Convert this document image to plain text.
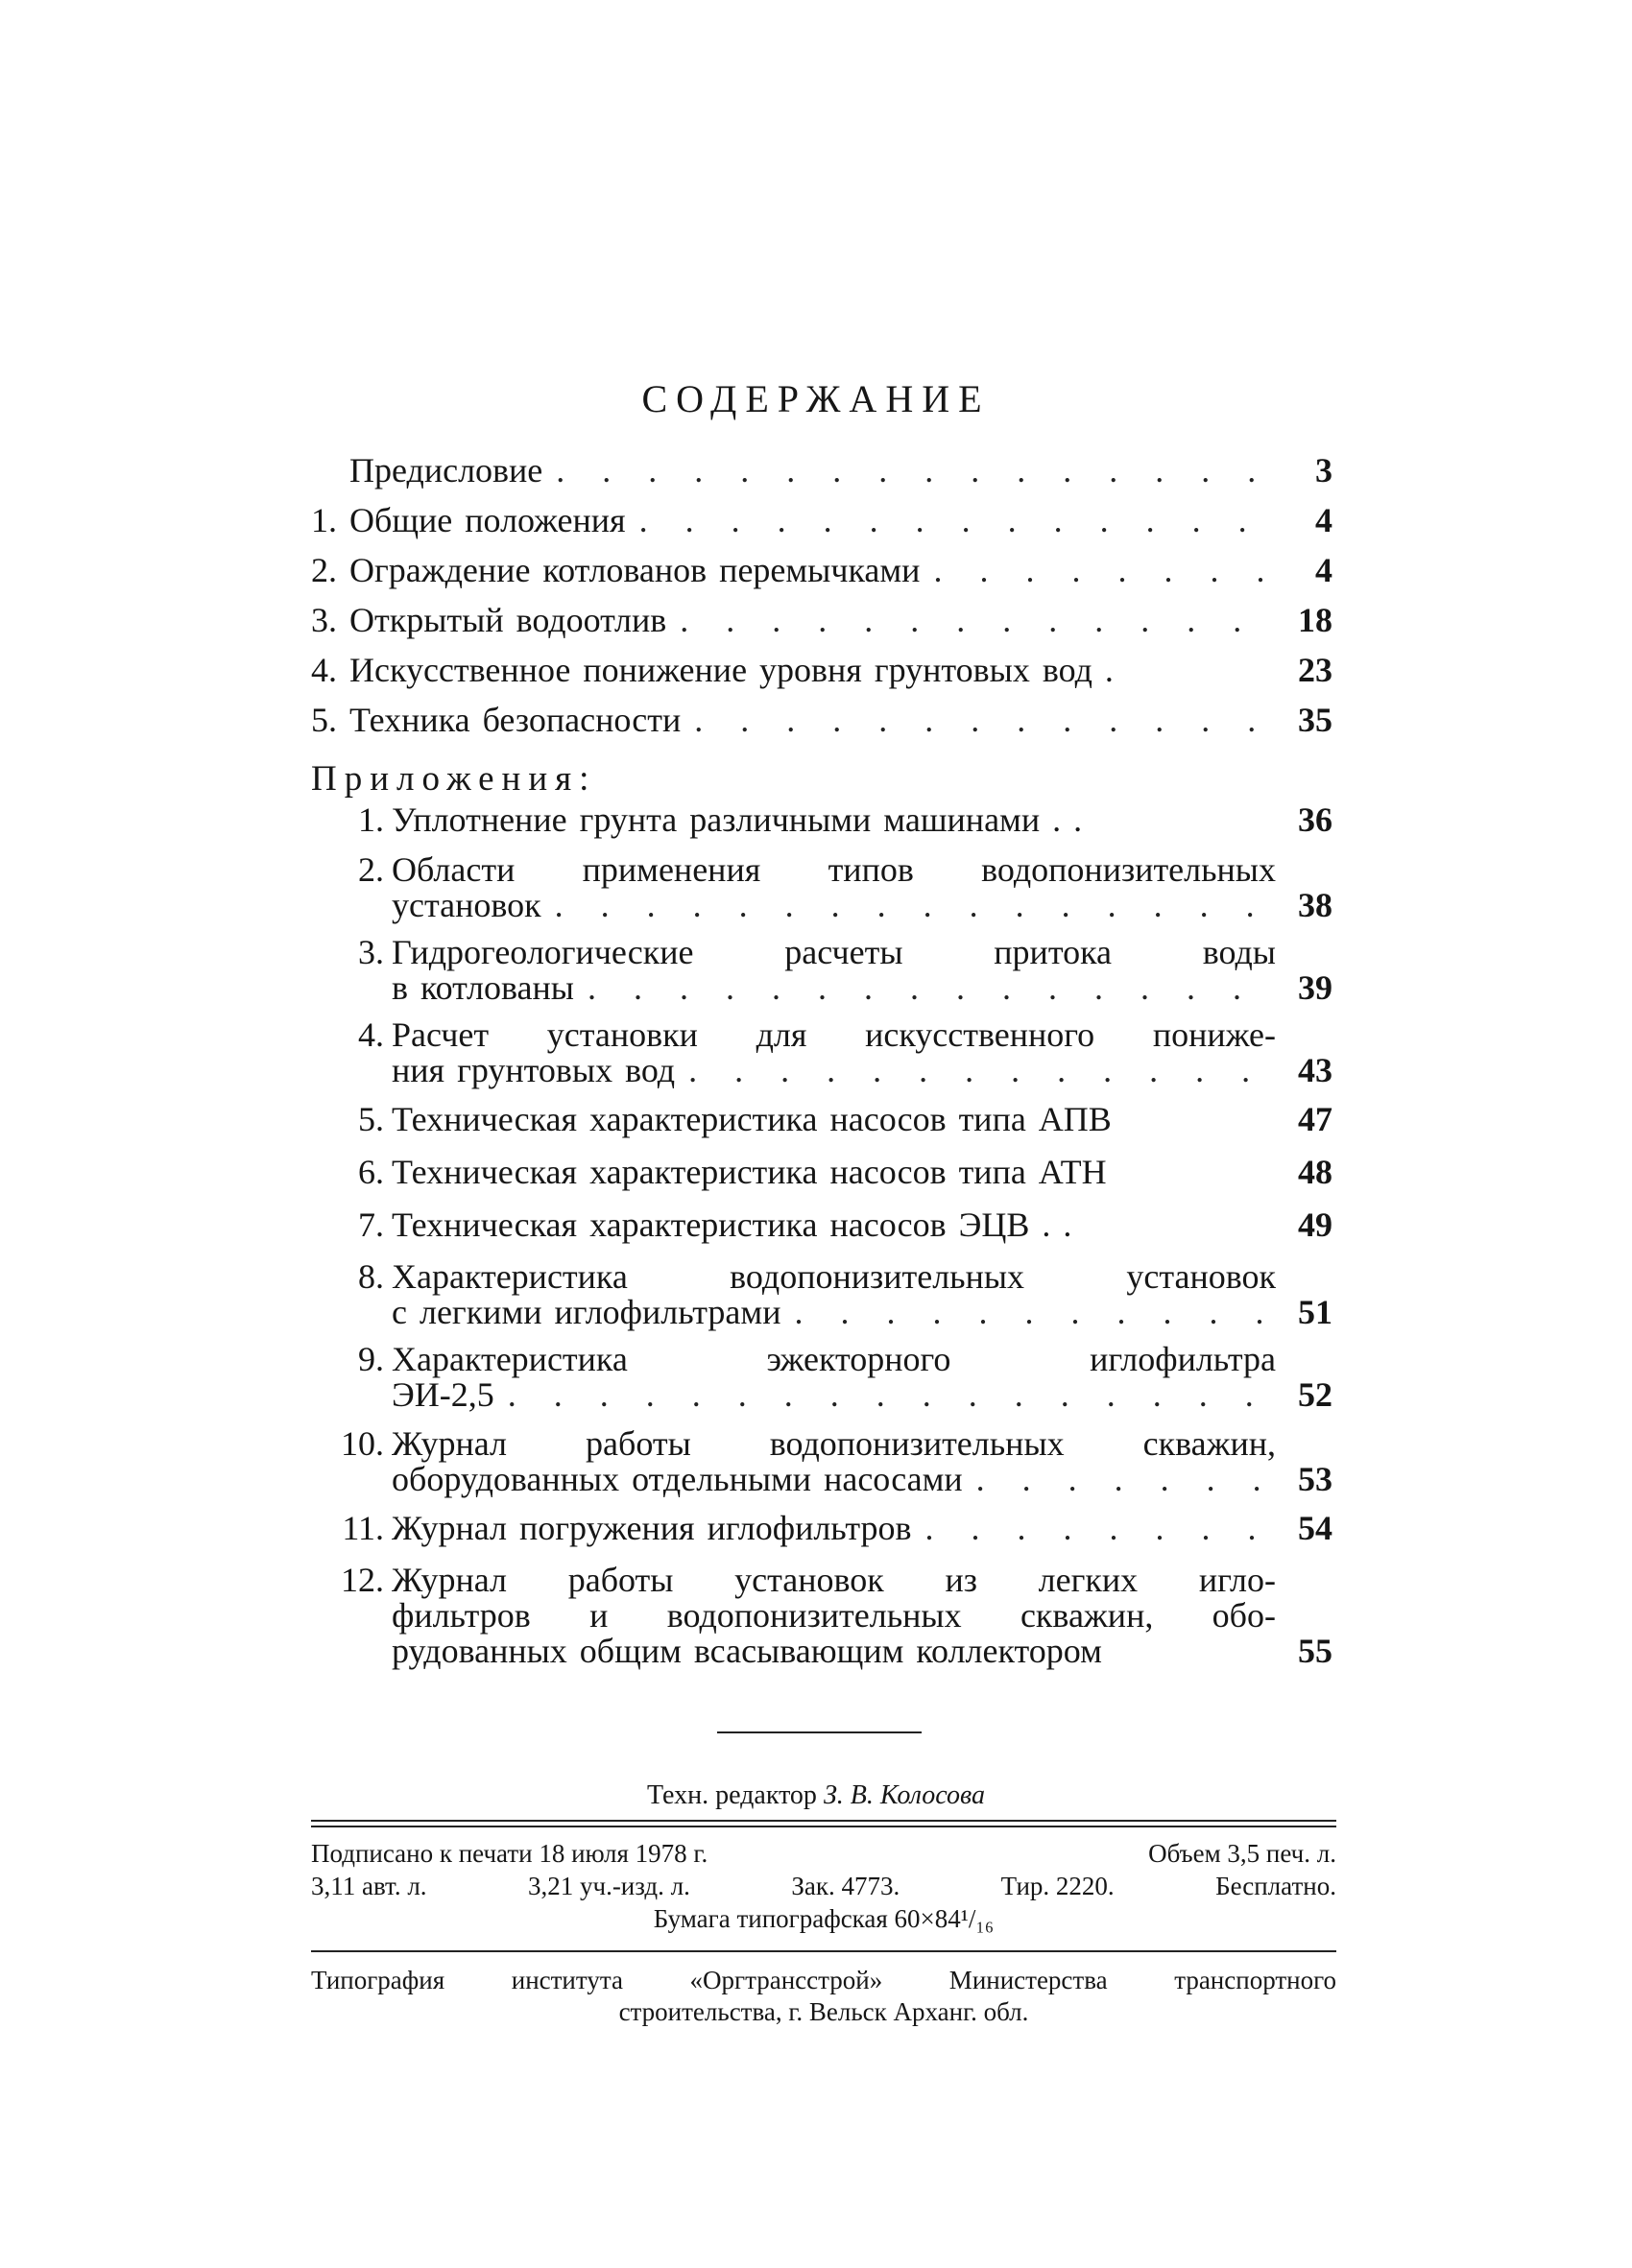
СОДЕРЖАНИЕ
Предисловие . . .	3
1. Общие положения . . .	4
2. Ограждение котлованов перемычками . . .	4
3. Открытый водоотлив . . .	18
4. Искусственное понижение уровня грунтовых вод .	23
5. Техника безопасности . . .	35
Приложения:
1. Уплотнение грунта различными машинами . .	36
2. Области применения типов водопонизительных
установок . . .	38
3. Гидрогеологические расчеты притока воды
в котлованы . . .	39
4. Расчет установки для искусственного пониже-
ния грунтовых вод . . .	43
5. Техническая характеристика насосов типа АПВ	47
6. Техническая характеристика насосов типа АТН	48
7. Техническая характеристика насосов ЭЦВ . .	49
8. Характеристика водопонизительных установок
с легкими иглофильтрами . . .	51
9. Характеристика эжекторного иглофильтра
ЭИ-2,5 . . .	52
10. Журнал работы водопонизительных скважин,
оборудованных отдельными насосами . . .	53
11. Журнал погружения иглофильтров . . .	54
12. Журнал работы установок из легких игло-
фильтров и водопонизительных скважин, обо-
рудованных общим всасывающим коллектором	55
Техн. редактор З. В. Колосова
Подписано к печати 18 июля 1978 г.	Объем 3,5 печ. л.
3,11 авт. л.	3,21 уч.-изд. л.	Зак. 4773.	Тир. 2220.	Бесплатно.
Бумага типографская 60×84¹/₁₆
Типография института «Оргтрансстрой» Министерства транспортного
строительства, г. Вельск Арханг. обл.
